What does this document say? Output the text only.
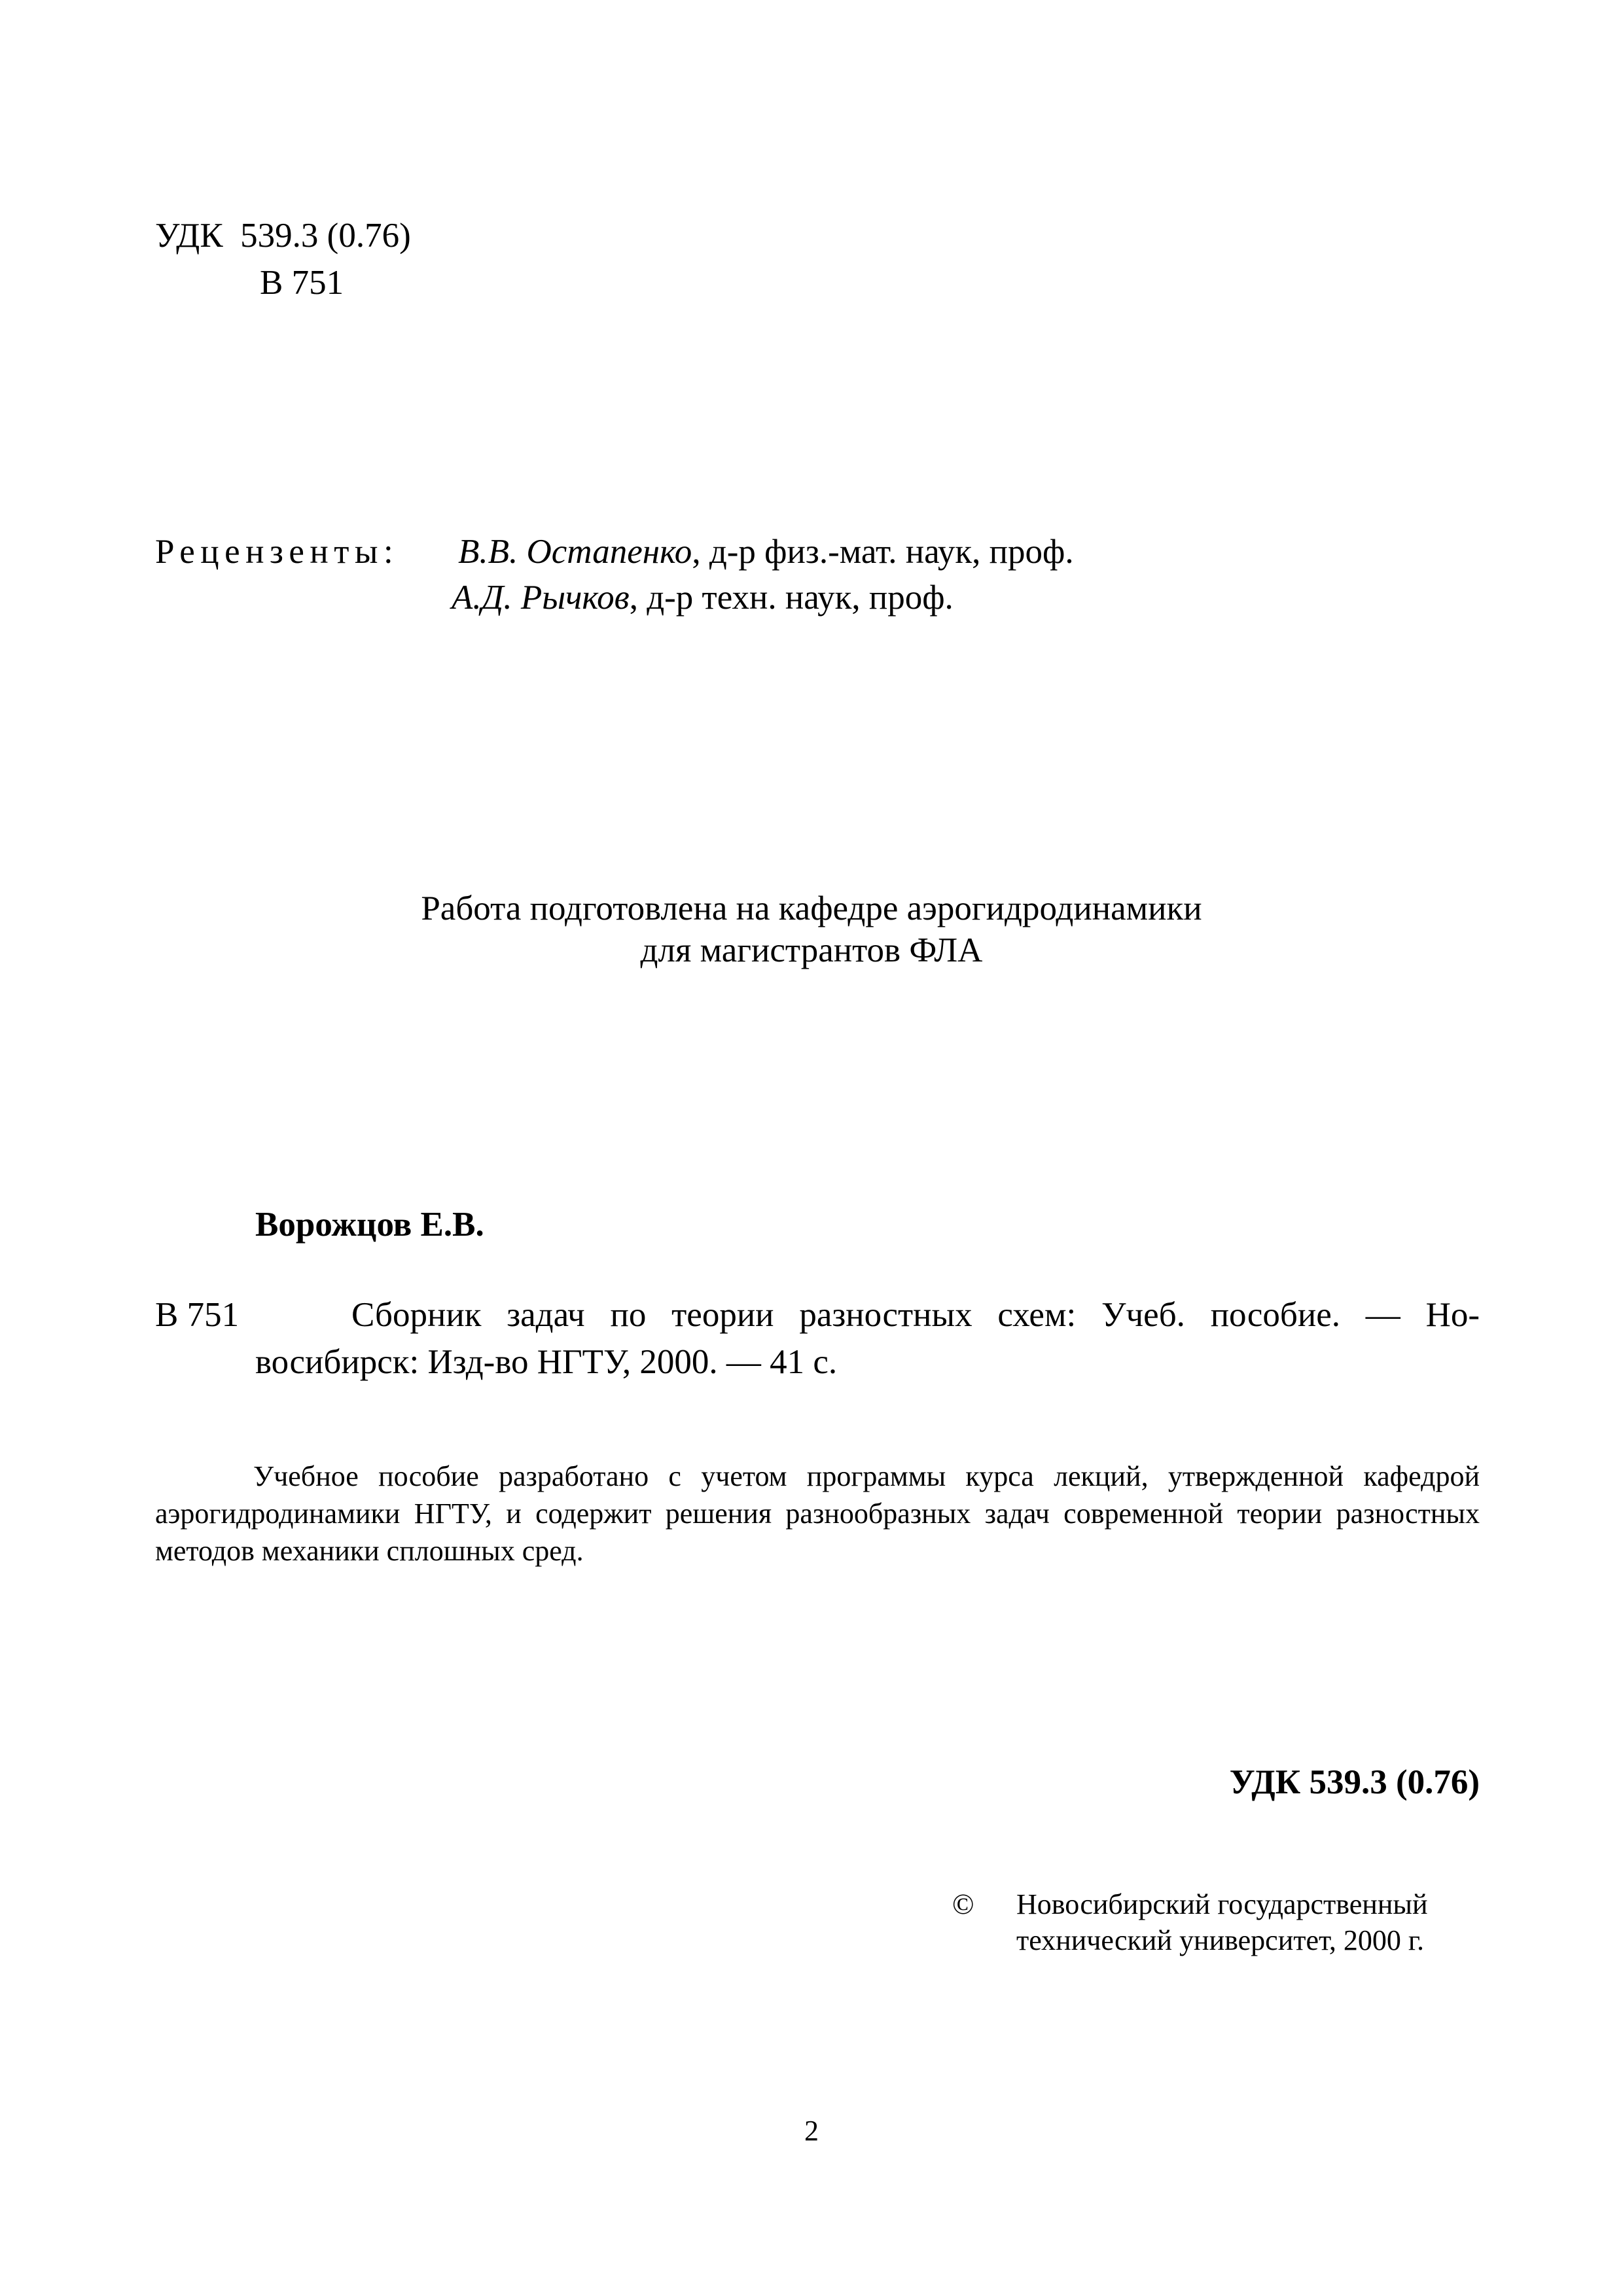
УДК  539.3 (0.76)
В 751
Рецензенты: В.В. Остапенко, д-р физ.-мат. наук, проф.
А.Д. Рычков, д-р техн. наук, проф.
Работа подготовлена на кафедре аэрогидродинамики
для магистрантов ФЛА
Ворожцов Е.В.
В 751	Сборник задач по теории разностных схем: Учеб. пособие. — Но-
восибирск: Изд-во НГТУ, 2000. — 41 с.
Учебное пособие разработано с учетом программы курса лекций, утвержденной кафедрой аэрогидродинамики НГТУ, и содержит решения разнообразных задач современной теории разностных методов механики сплошных сред.
УДК 539.3 (0.76)
© Новосибирский государственный
технический университет, 2000 г.
2
